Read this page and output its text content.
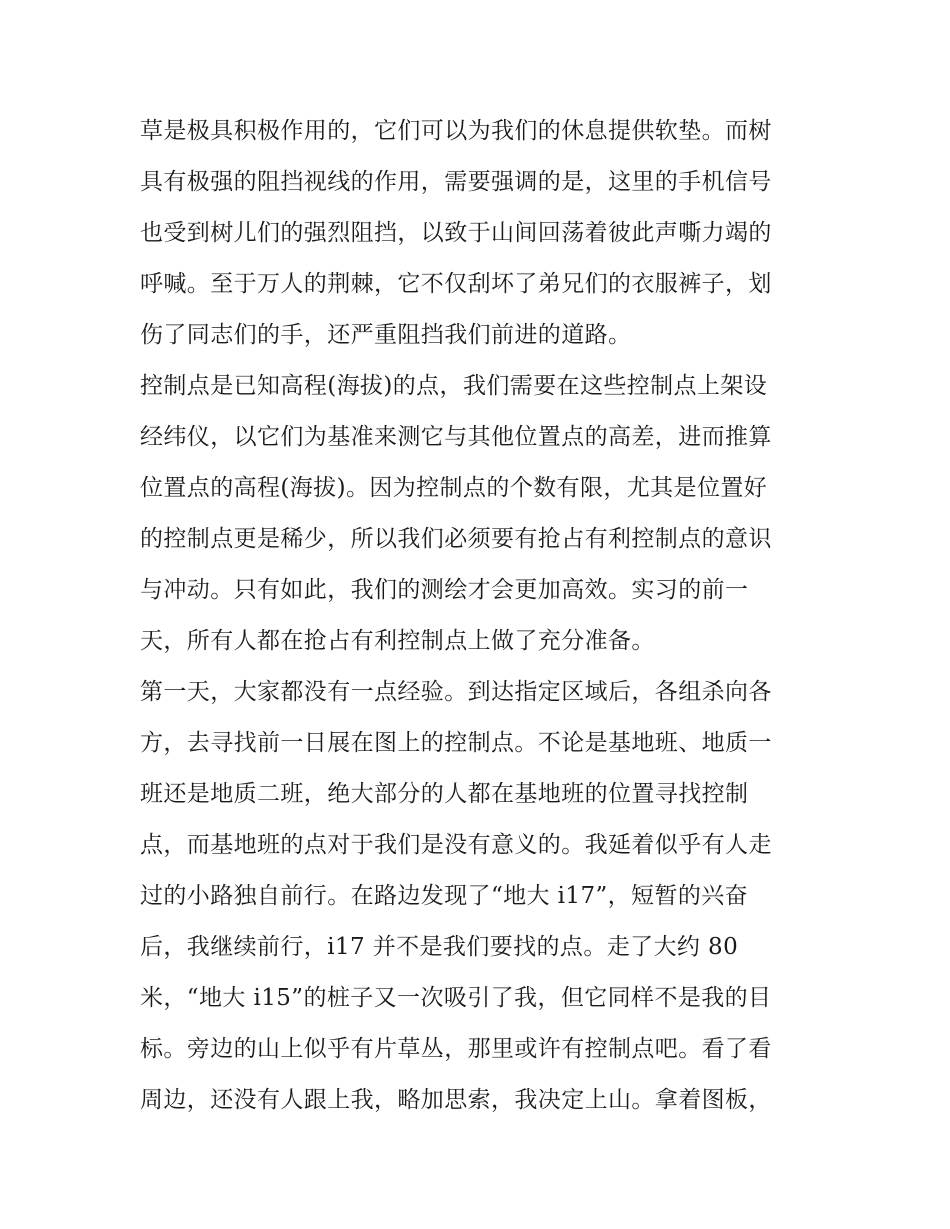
草是极具积极作用的，它们可以为我们的休息提供软垫。而树
具有极强的阻挡视线的作用，需要强调的是，这里的手机信号
也受到树儿们的强烈阻挡，以致于山间回荡着彼此声嘶力竭的
呼喊。至于万人的荆棘，它不仅刮坏了弟兄们的衣服裤子，划
伤了同志们的手，还严重阻挡我们前进的道路。
控制点是已知高程(海拔)的点，我们需要在这些控制点上架设
经纬仪，以它们为基准来测它与其他位置点的高差，进而推算
位置点的高程(海拔)。因为控制点的个数有限，尤其是位置好
的控制点更是稀少，所以我们必须要有抢占有利控制点的意识
与冲动。只有如此，我们的测绘才会更加高效。实习的前一
天，所有人都在抢占有利控制点上做了充分准备。
第一天，大家都没有一点经验。到达指定区域后，各组杀向各
方，去寻找前一日展在图上的控制点。不论是基地班、地质一
班还是地质二班，绝大部分的人都在基地班的位置寻找控制
点，而基地班的点对于我们是没有意义的。我延着似乎有人走
过的小路独自前行。在路边发现了“地大 i17”，短暂的兴奋
后，我继续前行，i17 并不是我们要找的点。走了大约 80
米，“地大 i15”的桩子又一次吸引了我，但它同样不是我的目
标。旁边的山上似乎有片草丛，那里或许有控制点吧。看了看
周边，还没有人跟上我，略加思索，我决定上山。拿着图板，
